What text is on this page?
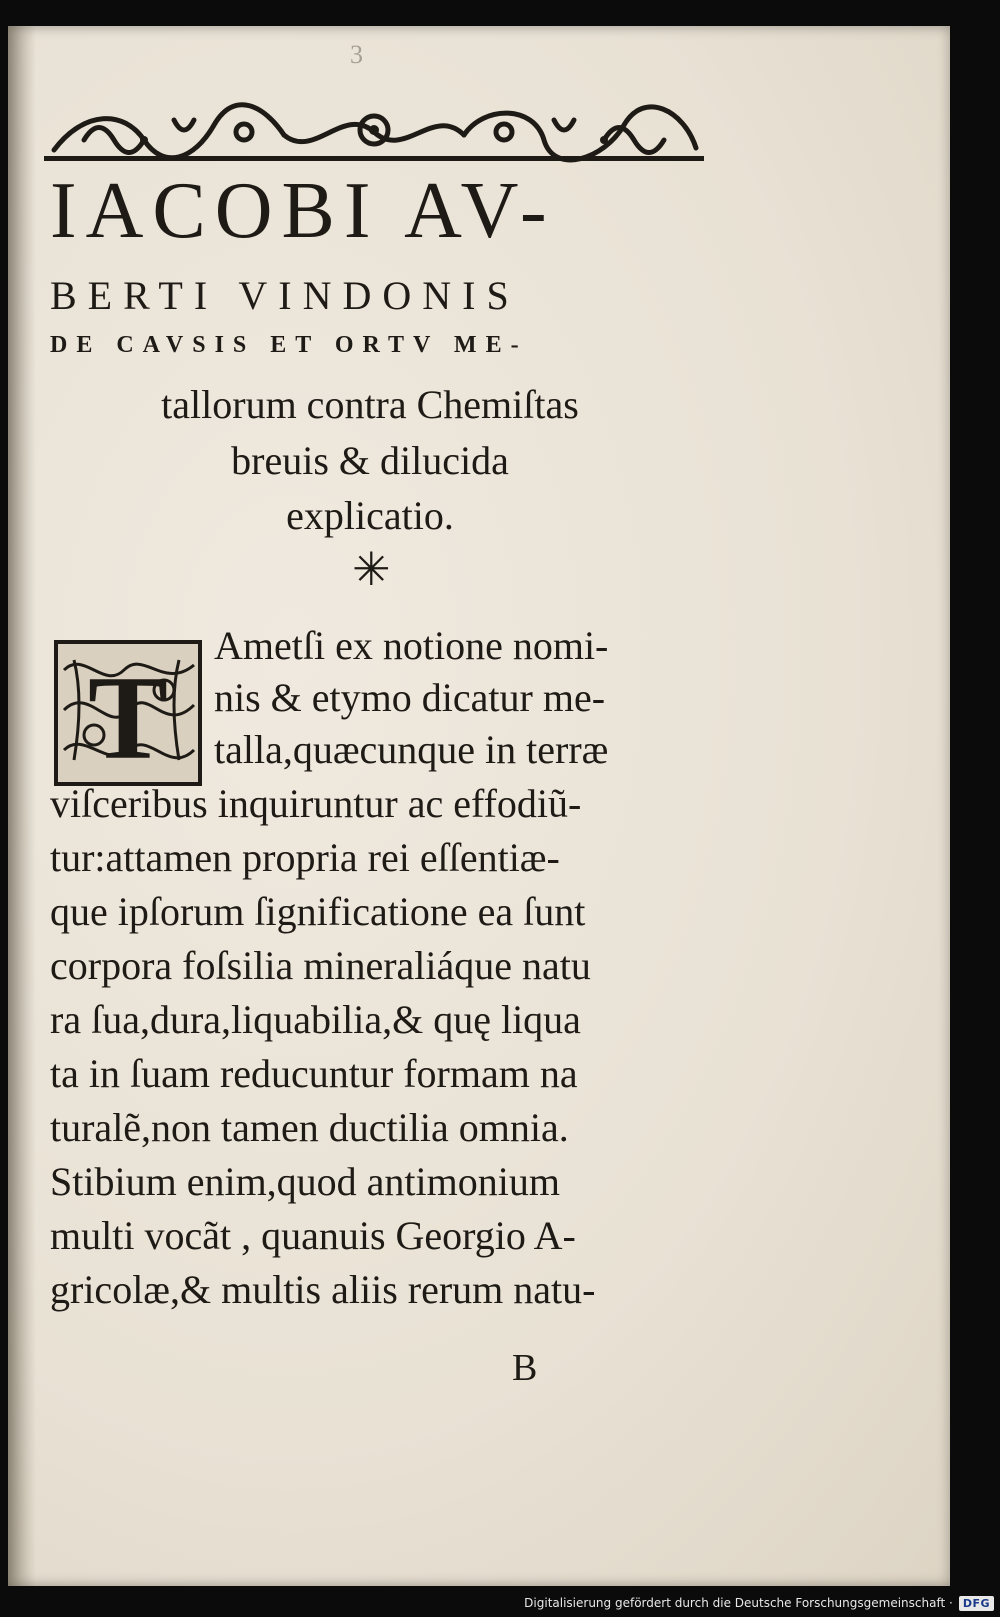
3

IACOBI AV-
BERTI VINDONIS
DE CAVSIS ET ORTV ME-
tallorum contra Chemiſtas
breuis & dilucida
explicatio.
✳
T
Ametſi ex notione nomi-
nis & etymo dicatur me-
talla,quæcunque in terræ
viſceribus inquiruntur ac effodiũ-
tur:attamen propria rei eſſentiæ-
que ipſorum ſignificatione ea ſunt
corpora foſsilia mineraliáque natu
ra ſua,dura,liquabilia,& quę liqua
ta in ſuam reducuntur formam na
turalẽ,non tamen ductilia omnia.
Stibium enim,quod antimonium
multi vocãt , quanuis Georgio A-
gricolæ,& multis aliis rerum natu-
B
Digitalisierung gefördert durch die Deutsche Forschungsgemeinschaft · DFG
